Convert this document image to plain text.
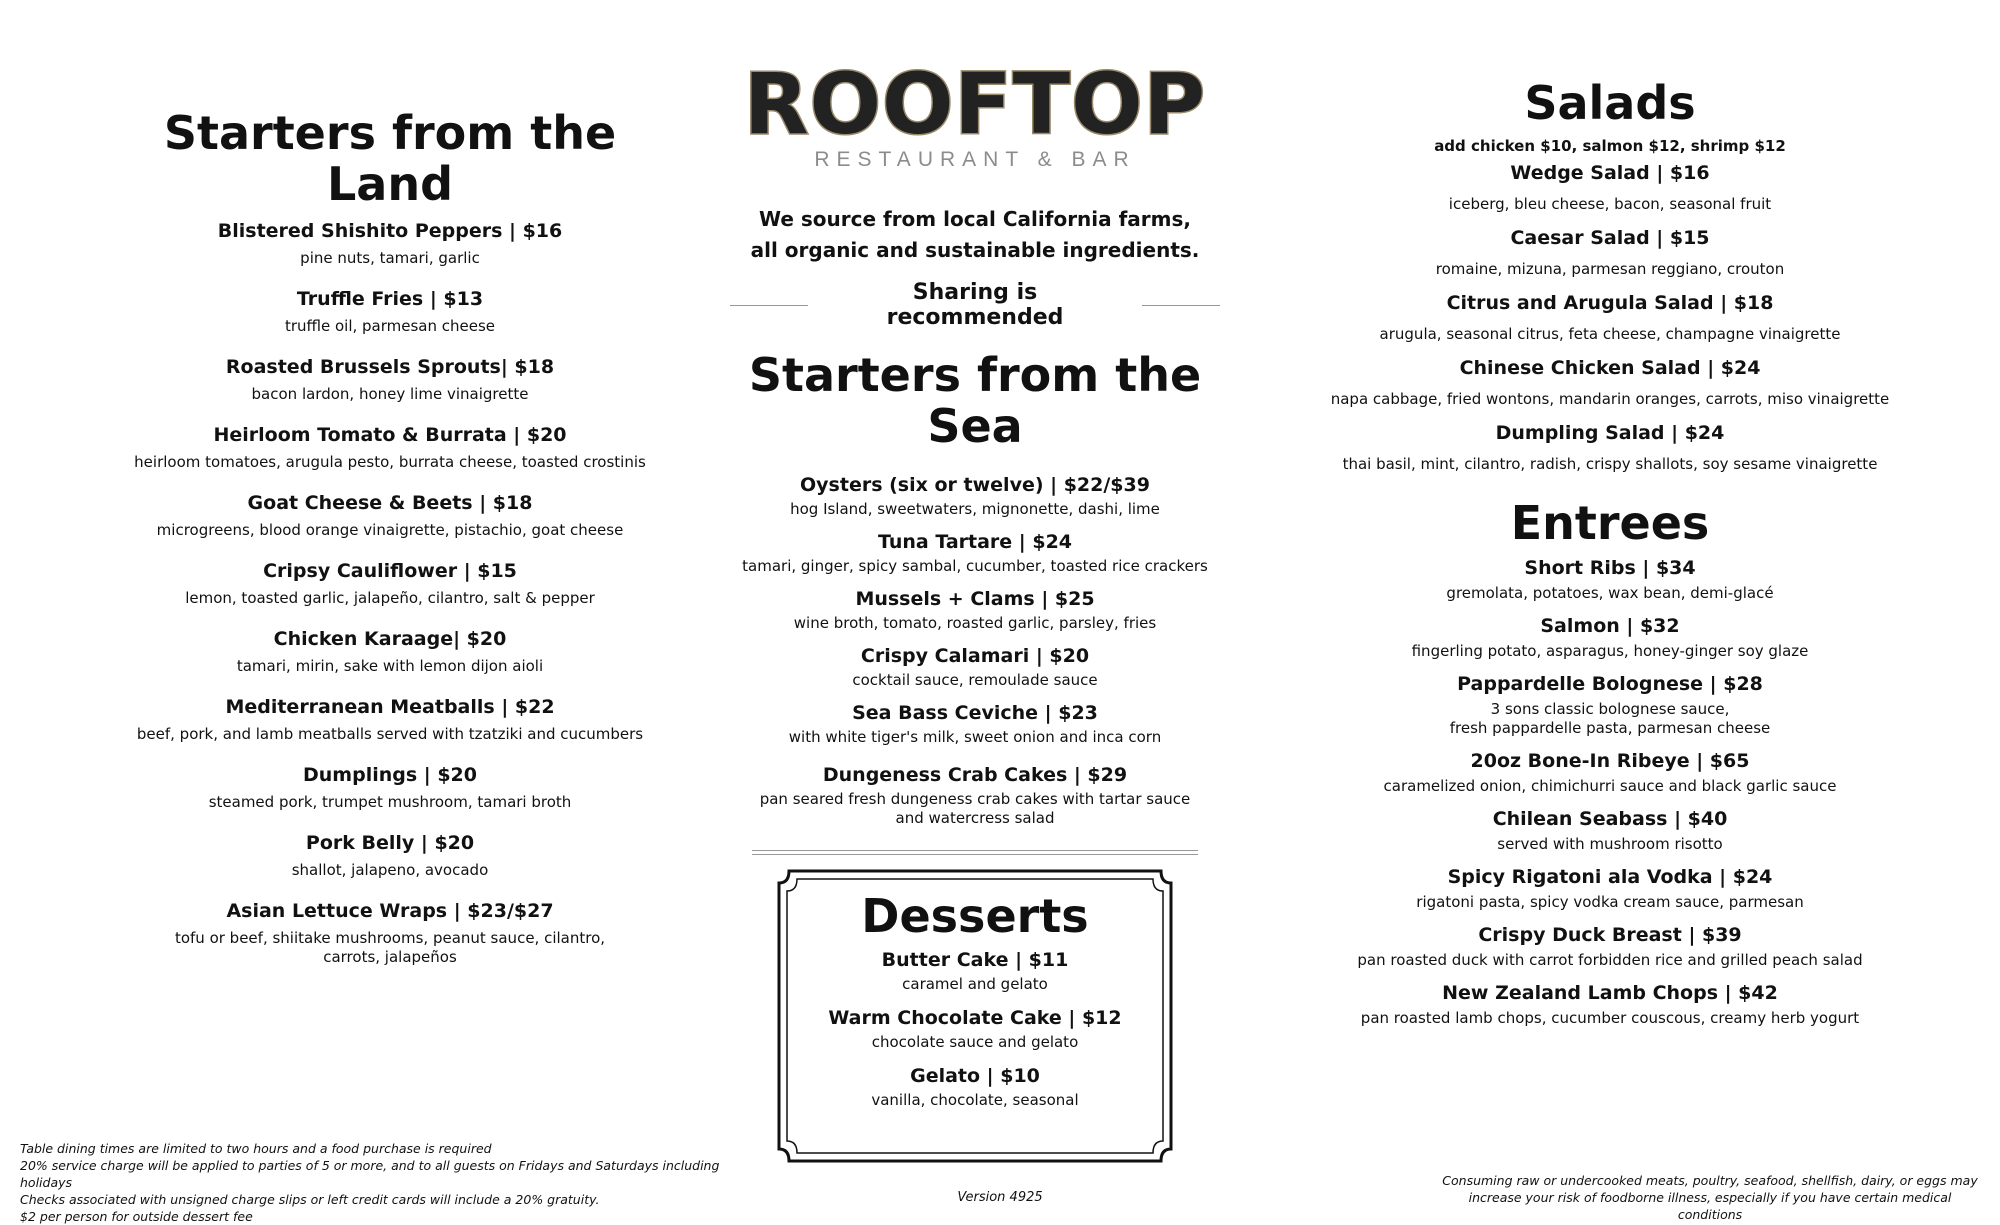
Starters from the Land

Blistered Shishito Peppers | $16

pine nuts, tamari, garlic

Truffle Fries | $13

truffle oil, parmesan cheese

Roasted Brussels Sprouts| $18

bacon lardon, honey lime vinaigrette

Heirloom Tomato & Burrata | $20

heirloom tomatoes, arugula pesto, burrata cheese, toasted crostinis

Goat Cheese & Beets | $18

microgreens, blood orange vinaigrette, pistachio, goat cheese

Cripsy Cauliflower | $15

lemon, toasted garlic, jalapeño, cilantro, salt & pepper

Chicken Karaage| $20

tamari, mirin, sake with lemon dijon aioli

Mediterranean Meatballs | $22

beef, pork, and lamb meatballs served with tzatziki and cucumbers

Dumplings | $20

steamed pork, trumpet mushroom, tamari broth

Pork Belly | $20

shallot, jalapeno, avocado

Asian Lettuce Wraps | $23/$27

tofu or beef, shiitake mushrooms, peanut sauce, cilantro,
carrots, jalapeños

ROOFTOP
RESTAURANT & BAR
We source from local California farms,
all organic and sustainable ingredients.
Sharing is recommended
Starters from the Sea

Oysters (six or twelve) | $22/$39

hog Island, sweetwaters, mignonette, dashi, lime

Tuna Tartare | $24

tamari, ginger, spicy sambal, cucumber, toasted rice crackers

Mussels + Clams | $25

wine broth, tomato, roasted garlic, parsley, fries

Crispy Calamari | $20

cocktail sauce, remoulade sauce

Sea Bass Ceviche | $23

with white tiger's milk, sweet onion and inca corn

Dungeness Crab Cakes | $29

pan seared fresh dungeness crab cakes with tartar sauce
and watercress salad

Desserts

Butter Cake | $11

caramel and gelato

Warm Chocolate Cake | $12

chocolate sauce and gelato

Gelato | $10

vanilla, chocolate, seasonal

Salads

add chicken $10, salmon $12, shrimp $12

Wedge Salad | $16

iceberg, bleu cheese, bacon, seasonal fruit

Caesar Salad | $15

romaine, mizuna, parmesan reggiano, crouton

Citrus and Arugula Salad | $18

arugula, seasonal citrus, feta cheese, champagne vinaigrette

Chinese Chicken Salad | $24

napa cabbage, fried wontons, mandarin oranges, carrots, miso vinaigrette

Dumpling Salad | $24

thai basil, mint, cilantro, radish, crispy shallots, soy sesame vinaigrette

Entrees

Short Ribs | $34

gremolata, potatoes, wax bean, demi-glacé

Salmon | $32

fingerling potato, asparagus, honey-ginger soy glaze

Pappardelle Bolognese | $28

3 sons classic bolognese sauce,
fresh pappardelle pasta, parmesan cheese

20oz Bone-In Ribeye | $65

caramelized onion, chimichurri sauce and black garlic sauce

Chilean Seabass | $40

served with mushroom risotto

Spicy Rigatoni ala Vodka | $24

rigatoni pasta, spicy vodka cream sauce, parmesan

Crispy Duck Breast | $39

pan roasted duck with carrot forbidden rice and grilled peach salad

New Zealand Lamb Chops | $42

pan roasted lamb chops, cucumber couscous, creamy herb yogurt

Table dining times are limited to two hours and a food purchase is required
20% service charge will be applied to parties of 5 or more, and to all guests on Fridays and Saturdays including holidays
Checks associated with unsigned charge slips or left credit cards will include a 20% gratuity.
$2 per person for outside dessert fee
Version 4925
Consuming raw or undercooked meats, poultry, seafood, shellfish, dairy, or eggs may
increase your risk of foodborne illness, especially if you have certain medical conditions
